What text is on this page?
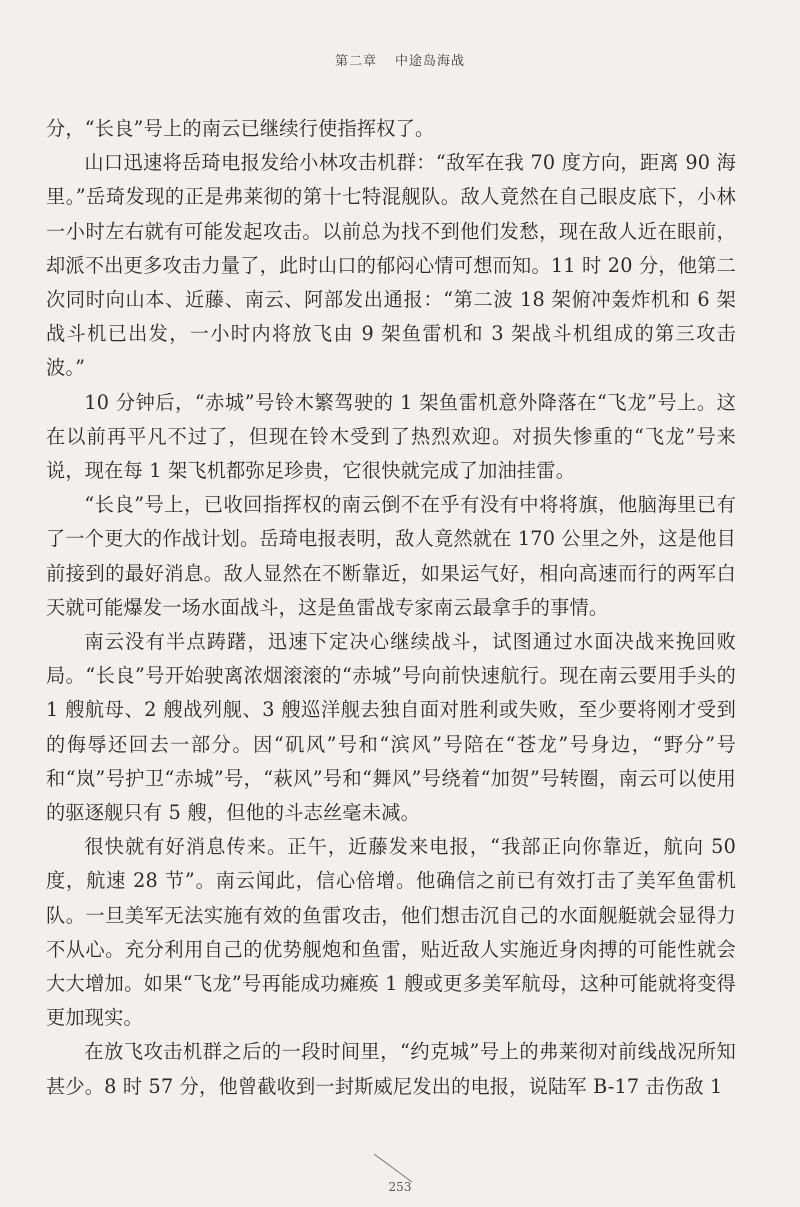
第二章 中途岛海战

分，“长良”号上的南云已继续行使指挥权了。

山口迅速将岳琦电报发给小林攻击机群：“敌军在我 70 度方向，距离 90 海里。”岳琦发现的正是弗莱彻的第十七特混舰队。敌人竟然在自己眼皮底下，小林一小时左右就有可能发起攻击。以前总为找不到他们发愁，现在敌人近在眼前，却派不出更多攻击力量了，此时山口的郁闷心情可想而知。11 时 20 分，他第二次同时向山本、近藤、南云、阿部发出通报：“第二波 18 架俯冲轰炸机和 6 架战斗机已出发，一小时内将放飞由 9 架鱼雷机和 3 架战斗机组成的第三攻击波。”

10 分钟后，“赤城”号铃木繁驾驶的 1 架鱼雷机意外降落在“飞龙”号上。这在以前再平凡不过了，但现在铃木受到了热烈欢迎。对损失惨重的“飞龙”号来说，现在每 1 架飞机都弥足珍贵，它很快就完成了加油挂雷。

“长良”号上，已收回指挥权的南云倒不在乎有没有中将将旗，他脑海里已有了一个更大的作战计划。岳琦电报表明，敌人竟然就在 170 公里之外，这是他目前接到的最好消息。敌人显然在不断靠近，如果运气好，相向高速而行的两军白天就可能爆发一场水面战斗，这是鱼雷战专家南云最拿手的事情。

南云没有半点踌躇，迅速下定决心继续战斗，试图通过水面决战来挽回败局。“长良”号开始驶离浓烟滚滚的“赤城”号向前快速航行。现在南云要用手头的 1 艘航母、2 艘战列舰、3 艘巡洋舰去独自面对胜利或失败，至少要将刚才受到的侮辱还回去一部分。因“矶风”号和“滨风”号陪在“苍龙”号身边，“野分”号和“岚”号护卫“赤城”号，“萩风”号和“舞风”号绕着“加贺”号转圈，南云可以使用的驱逐舰只有 5 艘，但他的斗志丝毫未减。

很快就有好消息传来。正午，近藤发来电报，“我部正向你靠近，航向 50 度，航速 28 节”。南云闻此，信心倍增。他确信之前已有效打击了美军鱼雷机队。一旦美军无法实施有效的鱼雷攻击，他们想击沉自己的水面舰艇就会显得力不从心。充分利用自己的优势舰炮和鱼雷，贴近敌人实施近身肉搏的可能性就会大大增加。如果“飞龙”号再能成功瘫痪 1 艘或更多美军航母，这种可能就将变得更加现实。

在放飞攻击机群之后的一段时间里，“约克城”号上的弗莱彻对前线战况所知甚少。8 时 57 分，他曾截收到一封斯威尼发出的电报，说陆军 B-17 击伤敌 1

253
